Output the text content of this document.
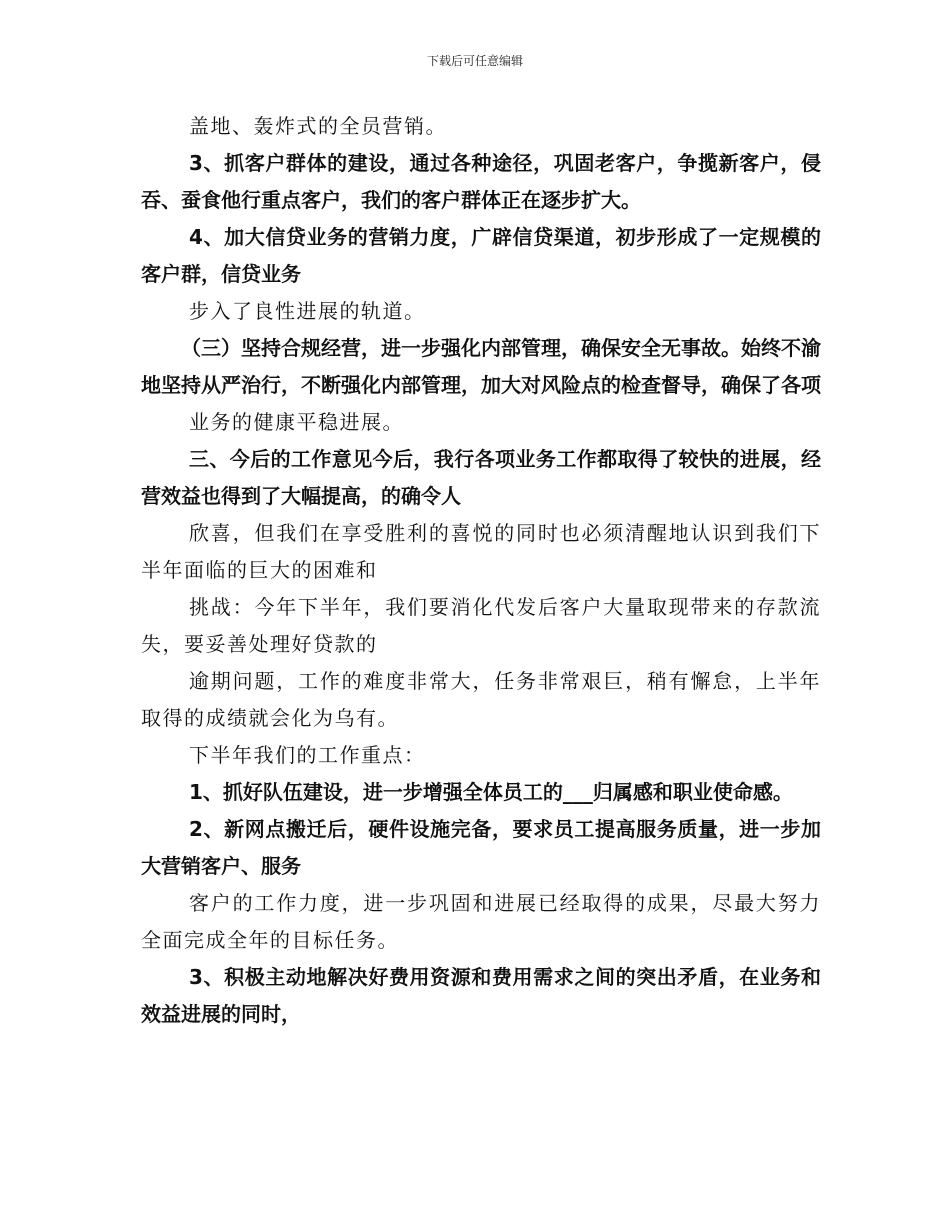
下载后可任意编辑

盖地、轰炸式的全员营销。

3、抓客户群体的建设，通过各种途径，巩固老客户，争揽新客户，侵吞、蚕食他行重点客户，我们的客户群体正在逐步扩大。

4、加大信贷业务的营销力度，广辟信贷渠道，初步形成了一定规模的客户群，信贷业务

步入了良性进展的轨道。

（三）坚持合规经营，进一步强化内部管理，确保安全无事故。始终不渝地坚持从严治行，不断强化内部管理，加大对风险点的检查督导，确保了各项

业务的健康平稳进展。

三、今后的工作意见今后，我行各项业务工作都取得了较快的进展，经营效益也得到了大幅提高，的确令人

欣喜，但我们在享受胜利的喜悦的同时也必须清醒地认识到我们下半年面临的巨大的困难和

挑战：今年下半年，我们要消化代发后客户大量取现带来的存款流失，要妥善处理好贷款的

逾期问题，工作的难度非常大，任务非常艰巨，稍有懈怠，上半年取得的成绩就会化为乌有。

下半年我们的工作重点：

1、抓好队伍建设，进一步增强全体员工的___归属感和职业使命感。

2、新网点搬迁后，硬件设施完备，要求员工提高服务质量，进一步加大营销客户、服务

客户的工作力度，进一步巩固和进展已经取得的成果，尽最大努力全面完成全年的目标任务。

3、积极主动地解决好费用资源和费用需求之间的突出矛盾，在业务和效益进展的同时，
